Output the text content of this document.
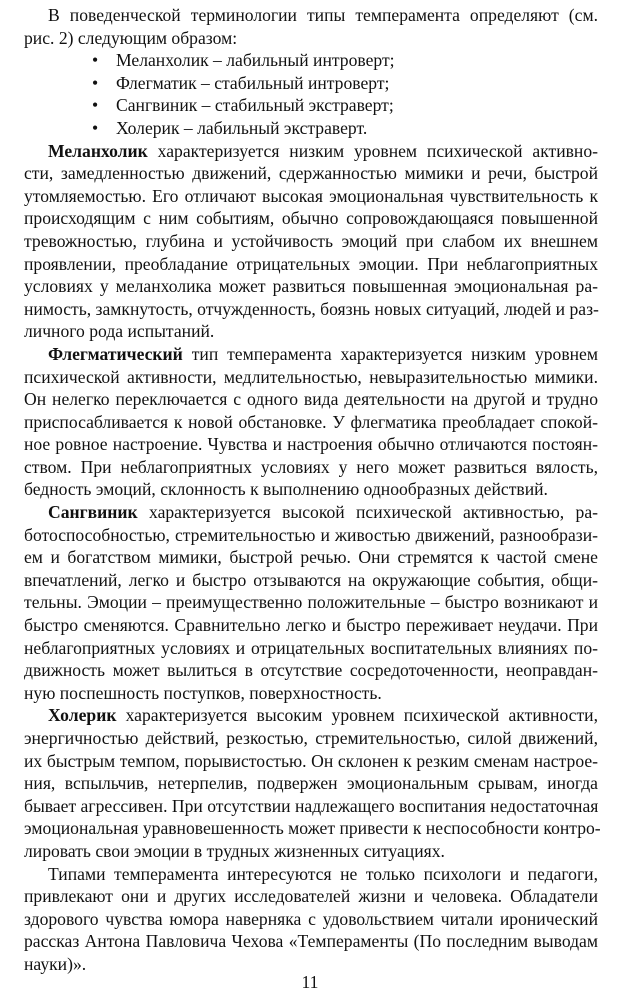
В поведенческой терминологии типы темперамента определяют (см.
рис. 2) следующим образом:
•	Меланхолик – лабильный интроверт;
•	Флегматик – стабильный интроверт;
•	Сангвиник – стабильный экстраверт;
•	Холерик – лабильный экстраверт.
Меланхолик характеризуется низким уровнем психической активно-
сти, замедленностью движений, сдержанностью мимики и речи, быстрой
утомляемостью. Его отличают высокая эмоциональная чувствительность к
происходящим с ним событиям, обычно сопровождающаяся повышенной
тревожностью, глубина и устойчивость эмоций при слабом их внешнем
проявлении, преобладание отрицательных эмоции. При неблагоприятных
условиях у меланхолика может развиться повышенная эмоциональная ра-
нимость, замкнутость, отчужденность, боязнь новых ситуаций, людей и раз-
личного рода испытаний.
Флегматический тип темперамента характеризуется низким уровнем
психической активности, медлительностью, невыразительностью мимики.
Он нелегко переключается с одного вида деятельности на другой и трудно
приспосабливается к новой обстановке. У флегматика преобладает спокой-
ное ровное настроение. Чувства и настроения обычно отличаются постоян-
ством. При неблагоприятных условиях у него может развиться вялость,
бедность эмоций, склонность к выполнению однообразных действий.
Сангвиник характеризуется высокой психической активностью, ра-
ботоспособностью, стремительностью и живостью движений, разнообрази-
ем и богатством мимики, быстрой речью. Они стремятся к частой смене
впечатлений, легко и быстро отзываются на окружающие события, общи-
тельны. Эмоции – преимущественно положительные – быстро возникают и
быстро сменяются. Сравнительно легко и быстро переживает неудачи. При
неблагоприятных условиях и отрицательных воспитательных влияниях по-
движность может вылиться в отсутствие сосредоточенности, неоправдан-
ную поспешность поступков, поверхностность.
Холерик характеризуется высоким уровнем психической активности,
энергичностью действий, резкостью, стремительностью, силой движений,
их быстрым темпом, порывистостью. Он склонен к резким сменам настрое-
ния, вспыльчив, нетерпелив, подвержен эмоциональным срывам, иногда
бывает агрессивен. При отсутствии надлежащего воспитания недостаточная
эмоциональная уравновешенность может привести к неспособности контро-
лировать свои эмоции в трудных жизненных ситуациях.
Типами темперамента интересуются не только психологи и педагоги,
привлекают они и других исследователей жизни и человека. Обладатели
здорового чувства юмора наверняка с удовольствием читали иронический
рассказ Антона Павловича Чехова «Темпераменты (По последним выводам
науки)».
11
